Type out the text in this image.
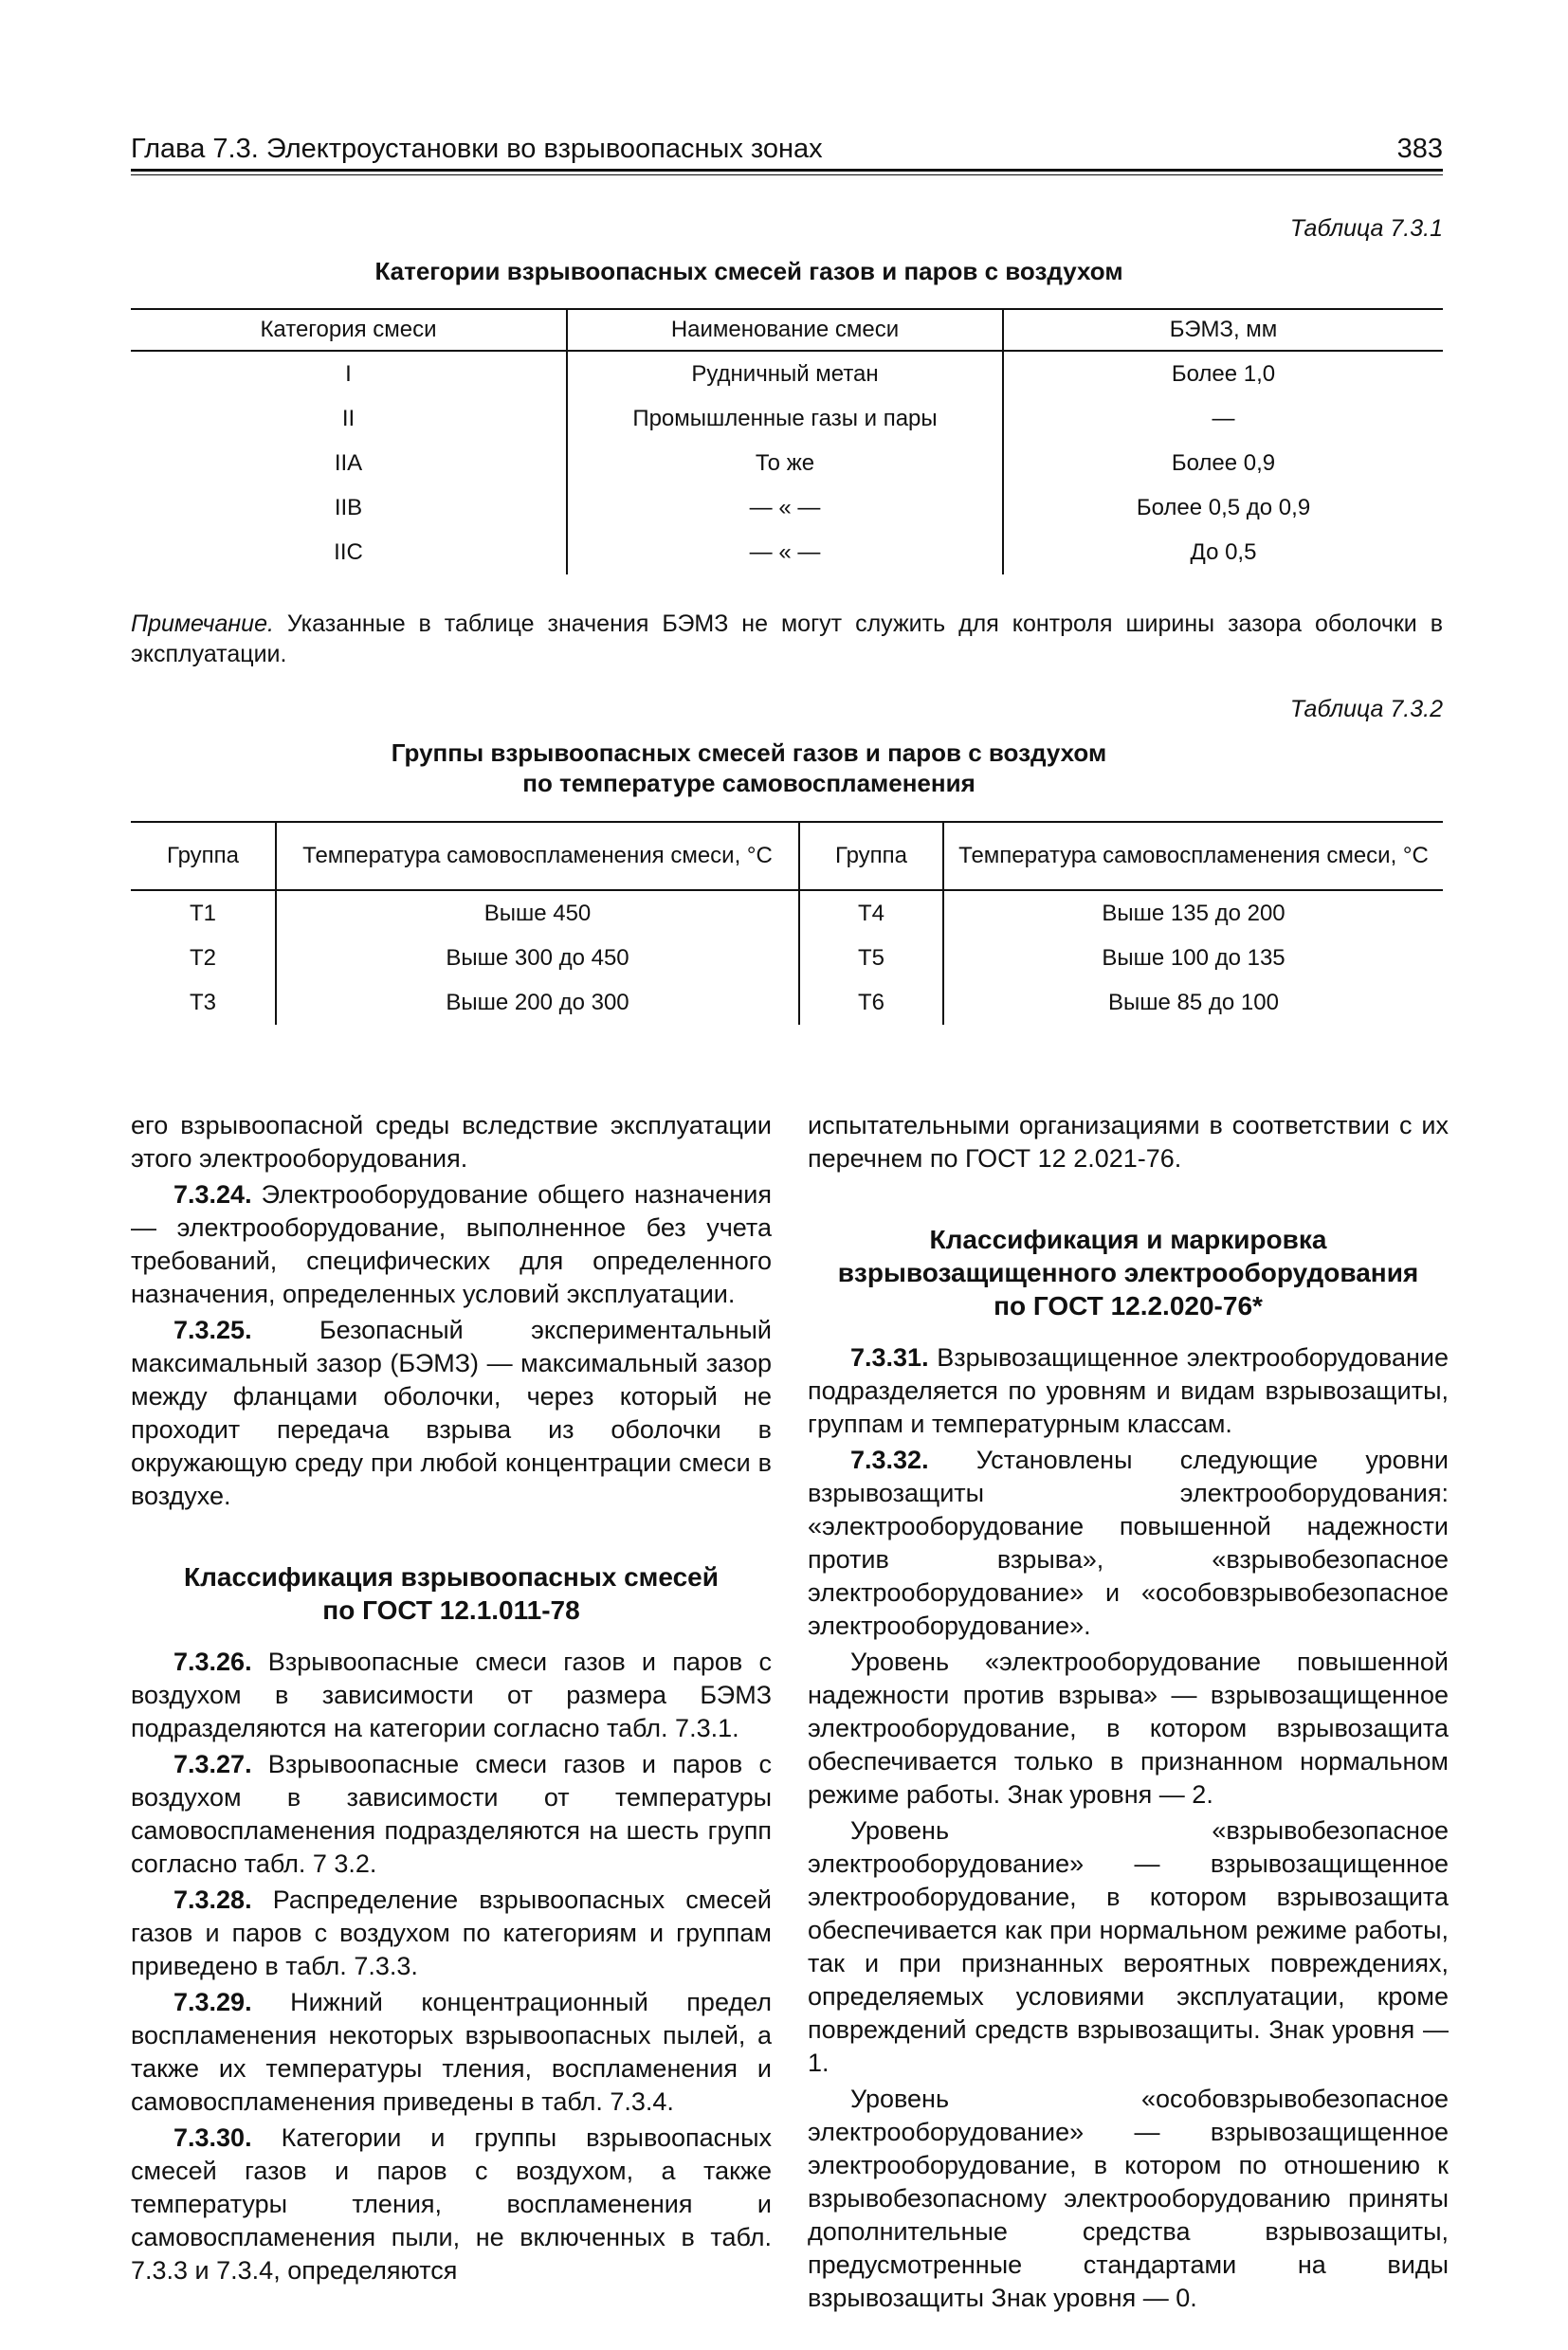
Глава 7.3. Электроустановки во взрывоопасных зонах	383
Таблица 7.3.1
Категории взрывоопасных смесей газов и паров с воздухом
Категория смеси	Наименование смеси	БЭМЗ, мм
I	Рудничный метан	Более 1,0
II	Промышленные газы и пары	—
IIA	То же	Более 0,9
IIB	— « —	Более 0,5 до 0,9
IIC	— « —	До 0,5
Примечание. Указанные в таблице значения БЭМЗ не могут служить для контроля ширины зазора оболочки в эксплуатации.
Таблица 7.3.2
Группы взрывоопасных смесей газов и паров с воздухом
по температуре самовоспламенения
Группа	Температура самовоспламенения смеси, °С	Группа	Температура самовоспламенения смеси, °С
T1	Выше 450	T4	Выше 135 до 200
T2	Выше 300 до 450	T5	Выше 100 до 135
T3	Выше 200 до 300	T6	Выше 85 до 100

его взрывоопасной среды вследствие эксплуатации этого электрооборудования.

7.3.24. Электрооборудование общего назначения — электрооборудование, выполненное без учета требований, специфических для определенного назначения, определенных условий эксплуатации.

7.3.25. Безопасный экспериментальный максимальный зазор (БЭМЗ) — максимальный зазор между фланцами оболочки, через который не проходит передача взрыва из оболочки в окружающую среду при любой концентрации смеси в воздухе.

Классификация взрывоопасных смесей
по ГОСТ 12.1.011-78

7.3.26. Взрывоопасные смеси газов и паров с воздухом в зависимости от размера БЭМЗ подразделяются на категории согласно табл. 7.3.1.

7.3.27. Взрывоопасные смеси газов и паров с воздухом в зависимости от температуры самовоспламенения подразделяются на шесть групп согласно табл. 7 3.2.

7.3.28. Распределение взрывоопасных смесей газов и паров с воздухом по категориям и группам приведено в табл. 7.3.3.

7.3.29. Нижний концентрационный предел воспламенения некоторых взрывоопасных пылей, а также их температуры тления, воспламенения и самовоспламенения приведены в табл. 7.3.4.

7.3.30. Категории и группы взрывоопасных смесей газов и паров с воздухом, а также температуры тления, воспламенения и самовоспламенения пыли, не включенных в табл. 7.3.3 и 7.3.4, определяются

испытательными организациями в соответствии с их перечнем по ГОСТ 12 2.021-76.

Классификация и маркировка
взрывозащищенного электрооборудования
по ГОСТ 12.2.020-76*

7.3.31. Взрывозащищенное электрооборудование подразделяется по уровням и видам взрывозащиты, группам и температурным классам.

7.3.32. Установлены следующие уровни взрывозащиты электрооборудования: «электрооборудование повышенной надежности против взрыва», «взрывобезопасное электрооборудование» и «особовзрывобезопасное электрооборудование».

Уровень «электрооборудование повышенной надежности против взрыва» — взрывозащищенное электрооборудование, в котором взрывозащита обеспечивается только в признанном нормальном режиме работы. Знак уровня — 2.

Уровень «взрывобезопасное электрооборудование» — взрывозащищенное электрооборудование, в котором взрывозащита обеспечивается как при нормальном режиме работы, так и при признанных вероятных повреждениях, определяемых условиями эксплуатации, кроме повреждений средств взрывозащиты. Знак уровня — 1.

Уровень «особовзрывобезопасное электрооборудование» — взрывозащищенное электрооборудование, в котором по отношению к взрывобезопасному электрооборудованию приняты дополнительные средства взрывозащиты, предусмотренные стандартами на виды взрывозащиты Знак уровня — 0.
